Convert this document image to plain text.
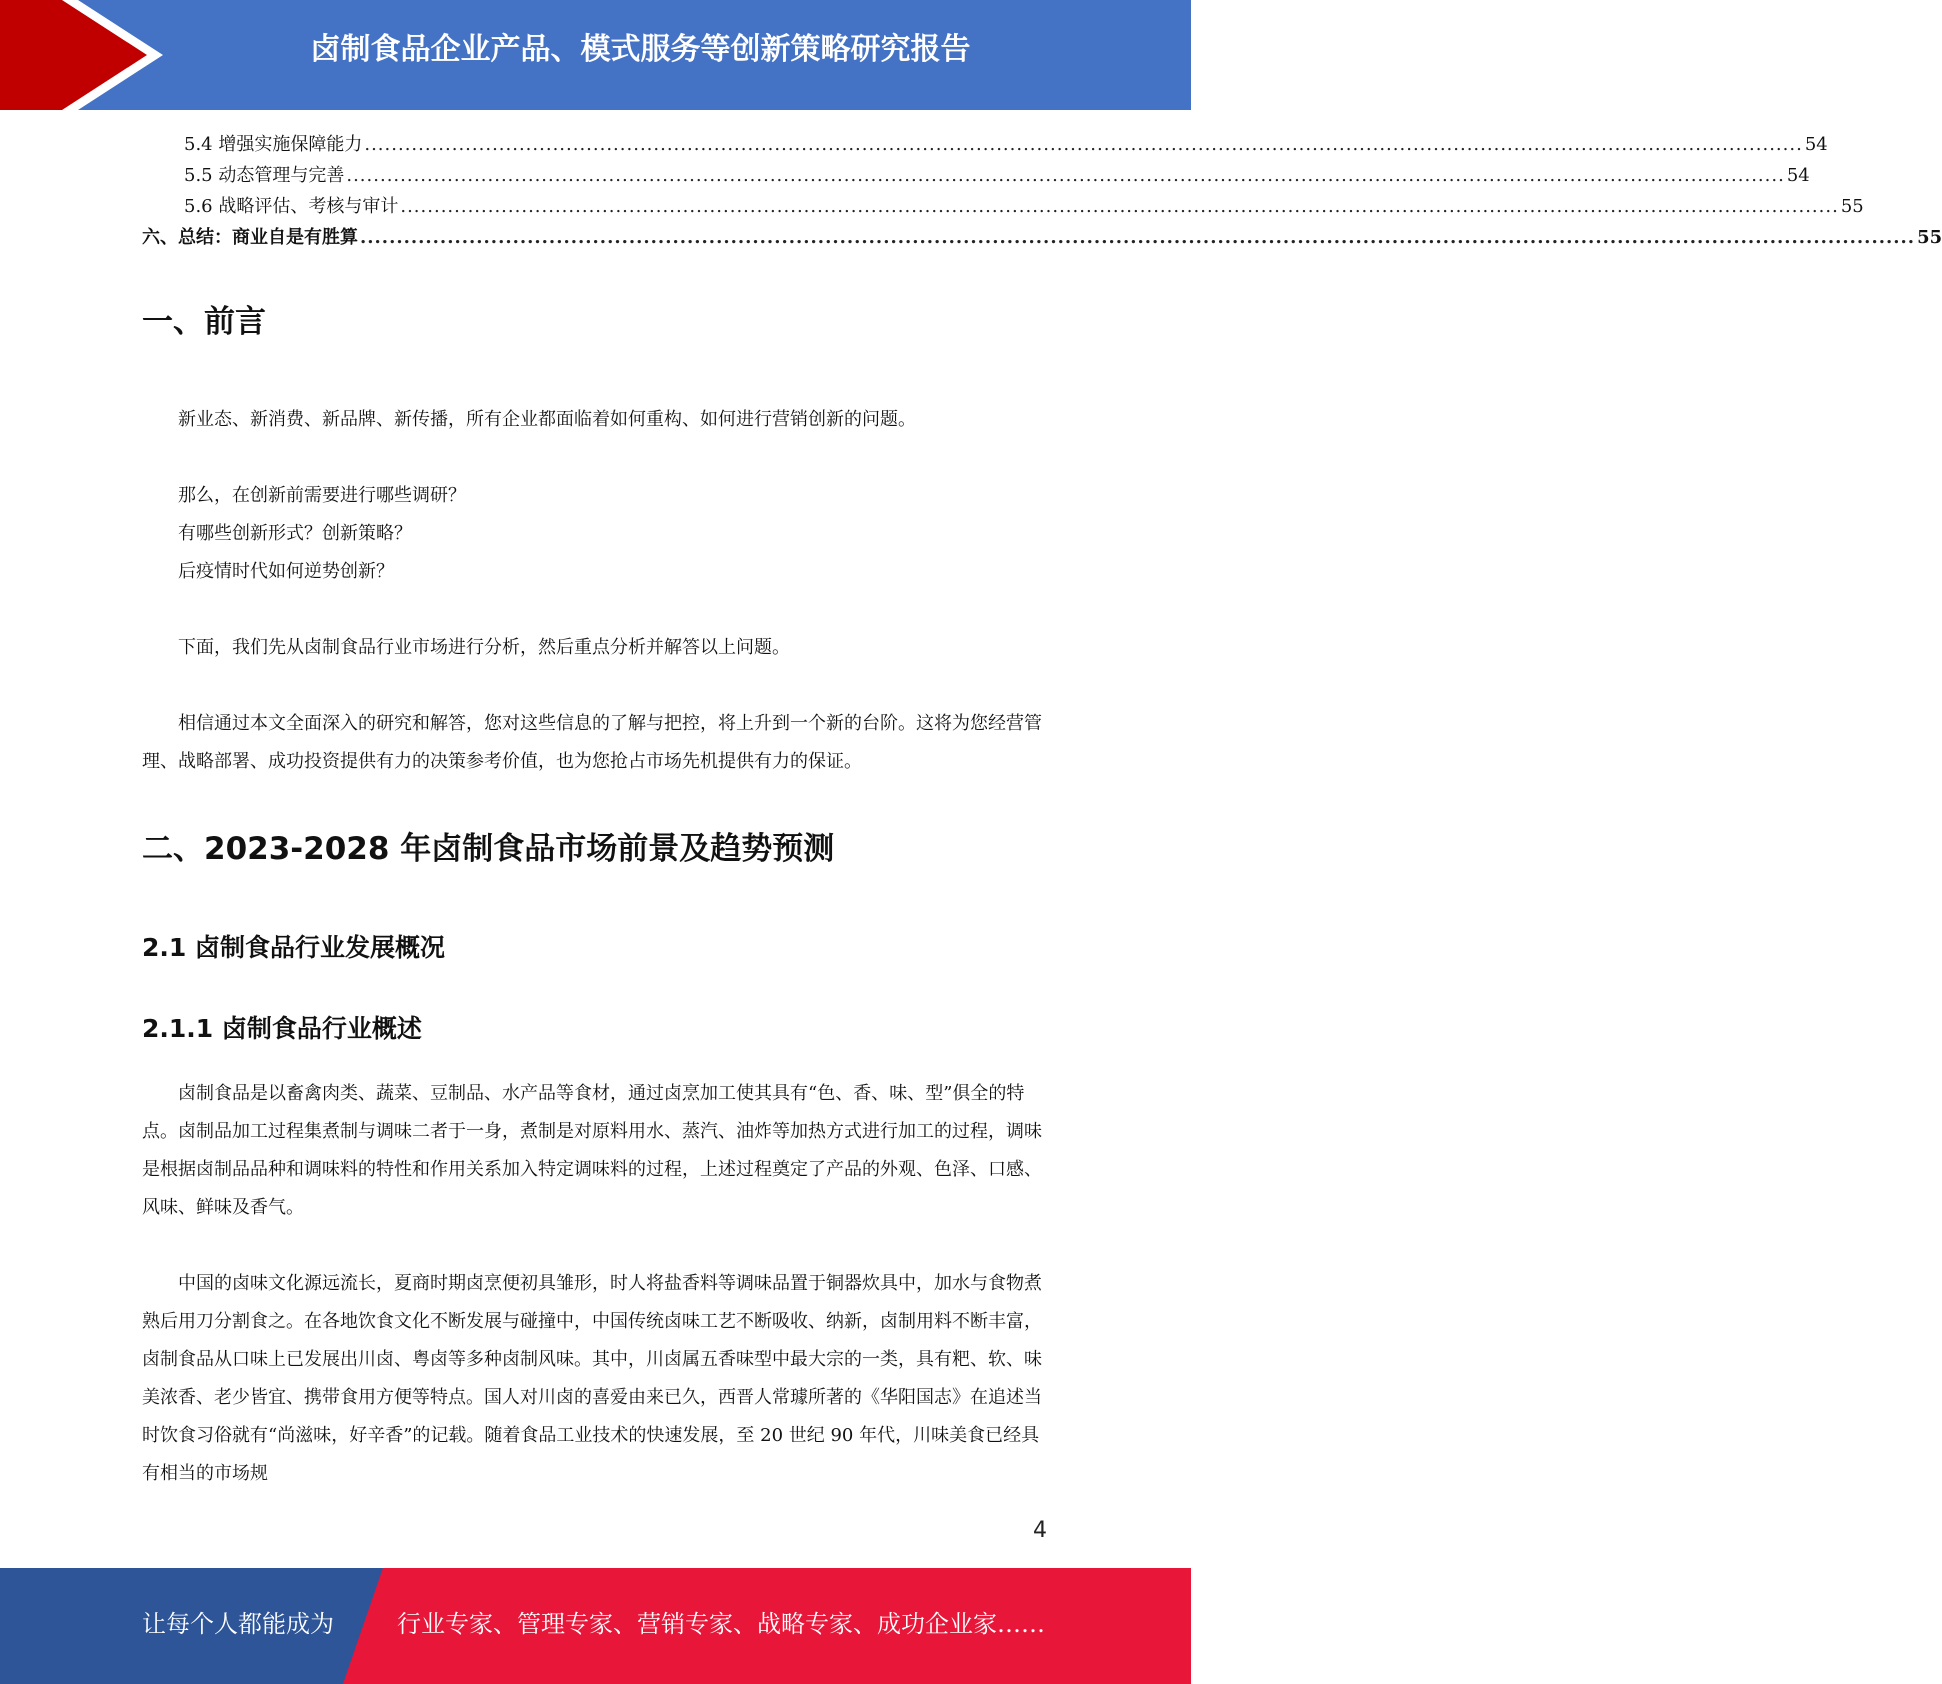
卤制食品企业产品、模式服务等创新策略研究报告
5.4 增强实施保障能力 ...................................................................................................................................................................................................................... 54
5.5 动态管理与完善 ...................................................................................................................................................................................................................... 54
5.6 战略评估、考核与审计 ...................................................................................................................................................................................................................... 55
六、总结：商业自是有胜算 ...................................................................................................................................................................................................................... 55
一、前言

新业态、新消费、新品牌、新传播，所有企业都面临着如何重构、如何进行营销创新的问题。

那么，在创新前需要进行哪些调研？

有哪些创新形式？创新策略？

后疫情时代如何逆势创新？

下面，我们先从卤制食品行业市场进行分析，然后重点分析并解答以上问题。

相信通过本文全面深入的研究和解答，您对这些信息的了解与把控，将上升到一个新的台阶。这将为您经营管理、战略部署、成功投资提供有力的决策参考价值，也为您抢占市场先机提供有力的保证。

二、2023-2028 年卤制食品市场前景及趋势预测
2.1 卤制食品行业发展概况
2.1.1 卤制食品行业概述

卤制食品是以畜禽肉类、蔬菜、豆制品、水产品等食材，通过卤烹加工使其具有“色、香、味、型”俱全的特点。卤制品加工过程集煮制与调味二者于一身，煮制是对原料用水、蒸汽、油炸等加热方式进行加工的过程，调味是根据卤制品品种和调味料的特性和作用关系加入特定调味料的过程，上述过程奠定了产品的外观、色泽、口感、风味、鲜味及香气。

中国的卤味文化源远流长，夏商时期卤烹便初具雏形，时人将盐香料等调味品置于铜器炊具中，加水与食物煮熟后用刀分割食之。在各地饮食文化不断发展与碰撞中，中国传统卤味工艺不断吸收、纳新，卤制用料不断丰富，卤制食品从口味上已发展出川卤、粤卤等多种卤制风味。其中，川卤属五香味型中最大宗的一类，具有粑、软、味美浓香、老少皆宜、携带食用方便等特点。国人对川卤的喜爱由来已久，西晋人常璩所著的《华阳国志》在追述当时饮食习俗就有“尚滋味，好辛香”的记载。随着食品工业技术的快速发展，至 20 世纪 90 年代，川味美食已经具有相当的市场规

4
让每个人都能成为	行业专家、管理专家、营销专家、战略专家、成功企业家……
